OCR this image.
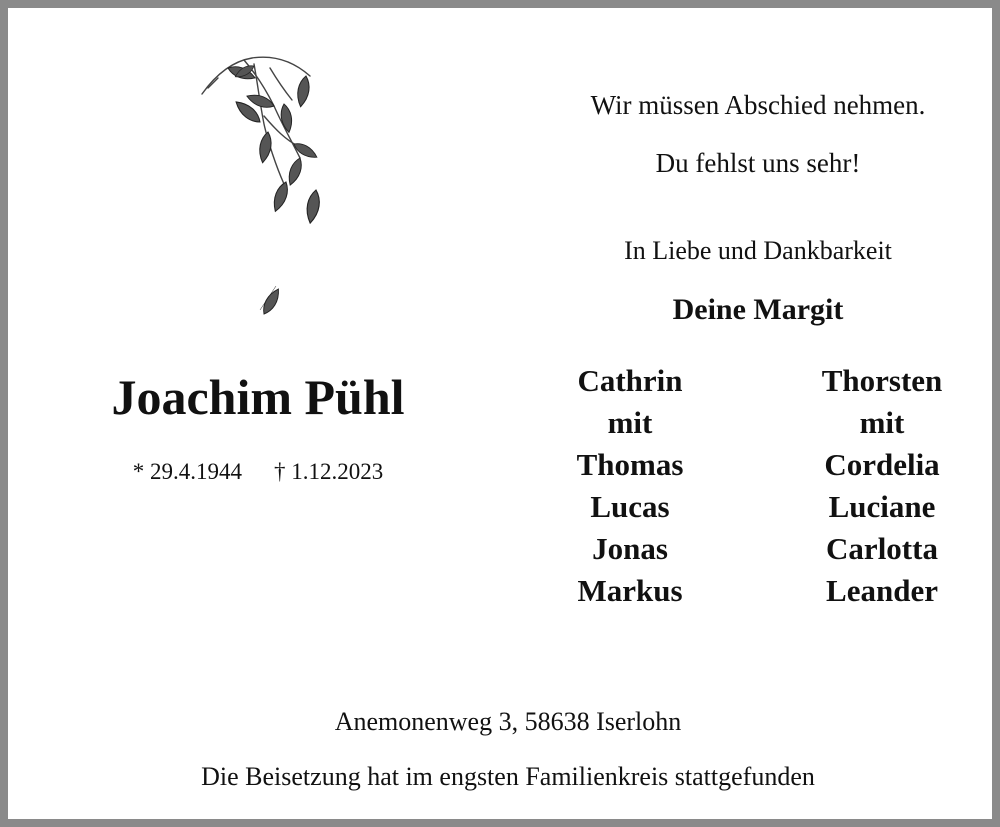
Joachim Pühl
* 29.4.1944 † 1.12.2023
Wir müssen Abschied nehmen.
Du fehlst uns sehr!
In Liebe und Dankbarkeit
Deine Margit
Cathrin
mit
Thomas
Lucas
Jonas
Markus
Thorsten
mit
Cordelia
Luciane
Carlotta
Leander
Anemonenweg 3, 58638 Iserlohn
Die Beisetzung hat im engsten Familienkreis stattgefunden
